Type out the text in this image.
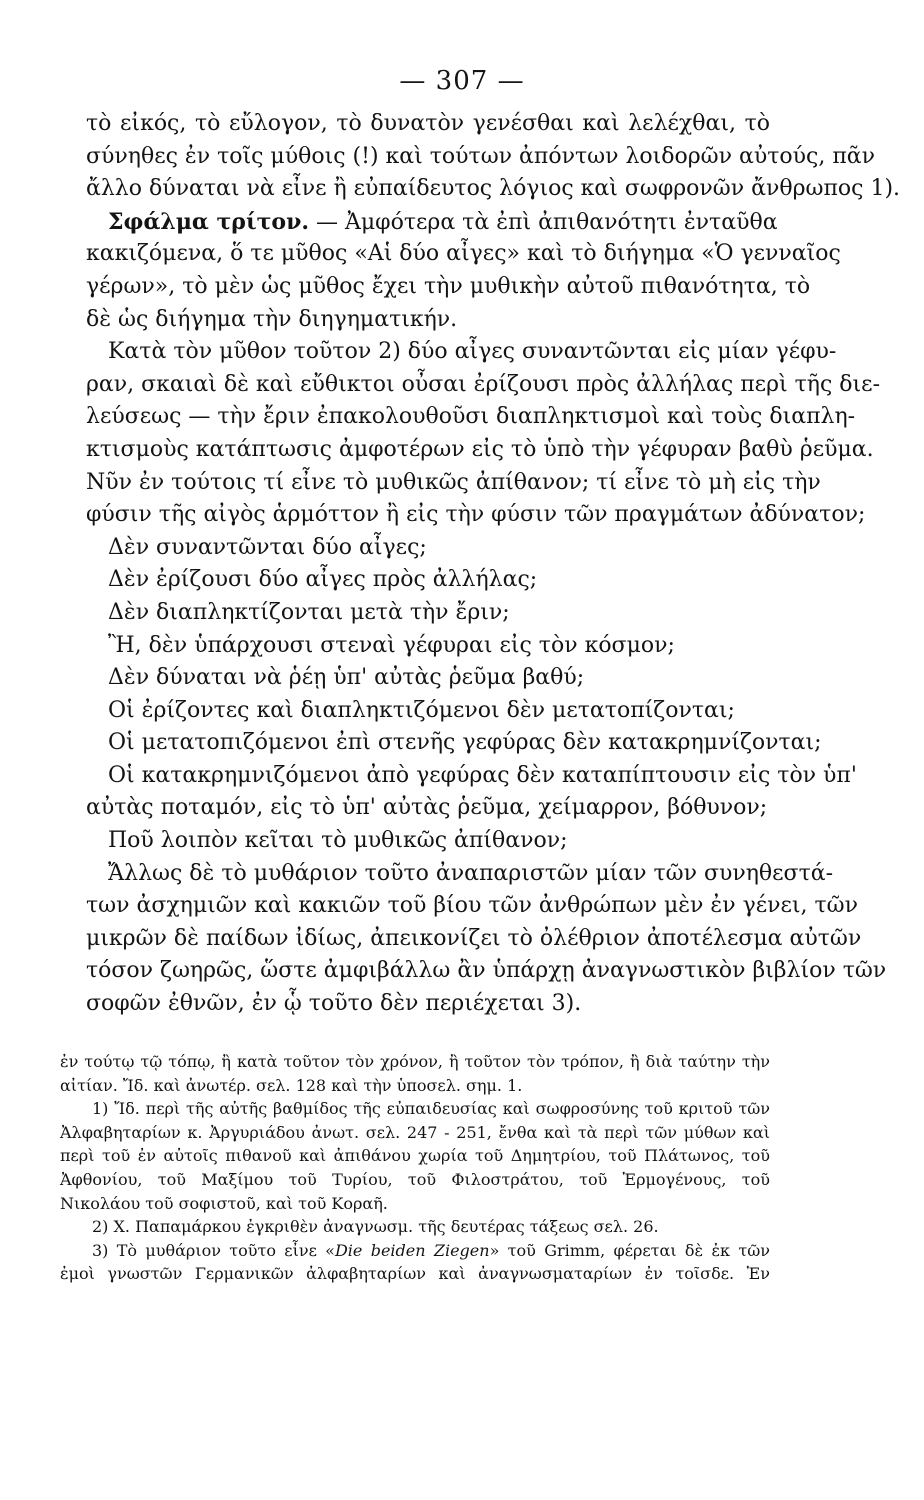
— 307 —
τὸ εἰκός, τὸ εὔλογον, τὸ δυνατὸν γενέσθαι καὶ λελέχθαι, τὸ
σύνηθες ἐν τοῖς μύθοις (!) καὶ τούτων ἀπόντων λοιδορῶν αὐτούς, πᾶν
ἄλλο δύναται νὰ εἶνε ἢ εὐπαίδευτος λόγιος καὶ σωφρονῶν ἄνθρωπος 1).
Σφάλμα τρίτον. — Ἀμφότερα τὰ ἐπὶ ἀπιθανότητι ἐνταῦθα
κακιζόμενα, ὅ τε μῦθος «Αἱ δύο αἶγες» καὶ τὸ διήγημα «Ὁ γενναῖος
γέρων», τὸ μὲν ὡς μῦθος ἔχει τὴν μυθικὴν αὐτοῦ πιθανότητα, τὸ
δὲ ὡς διήγημα τὴν διηγηματικήν.
Κατὰ τὸν μῦθον τοῦτον 2) δύο αἶγες συναντῶνται εἰς μίαν γέφυ-
ραν, σκαιαὶ δὲ καὶ εὔθικτοι οὖσαι ἐρίζουσι πρὸς ἀλλήλας περὶ τῆς διε-
λεύσεως — τὴν ἔριν ἐπακολουθοῦσι διαπληκτισμοὶ καὶ τοὺς διαπλη-
κτισμοὺς κατάπτωσις ἀμφοτέρων εἰς τὸ ὑπὸ τὴν γέφυραν βαθὺ ῥεῦμα.
Νῦν ἐν τούτοις τί εἶνε τὸ μυθικῶς ἀπίθανον; τί εἶνε τὸ μὴ εἰς τὴν
φύσιν τῆς αἰγὸς ἁρμόττον ἢ εἰς τὴν φύσιν τῶν πραγμάτων ἀδύνατον;
Δὲν συναντῶνται δύο αἶγες;
Δὲν ἐρίζουσι δύο αἶγες πρὸς ἀλλήλας;
Δὲν διαπληκτίζονται μετὰ τὴν ἔριν;
Ἢ, δὲν ὑπάρχουσι στεναὶ γέφυραι εἰς τὸν κόσμον;
Δὲν δύναται νὰ ῥέῃ ὑπ' αὐτὰς ῥεῦμα βαθύ;
Οἱ ἐρίζοντες καὶ διαπληκτιζόμενοι δὲν μετατοπίζονται;
Οἱ μετατοπιζόμενοι ἐπὶ στενῆς γεφύρας δὲν κατακρημνίζονται;
Οἱ κατακρημνιζόμενοι ἀπὸ γεφύρας δὲν καταπίπτουσιν εἰς τὸν ὑπ'
αὐτὰς ποταμόν, εἰς τὸ ὑπ' αὐτὰς ῥεῦμα, χείμαρρον, βόθυνον;
Ποῦ λοιπὸν κεῖται τὸ μυθικῶς ἀπίθανον;
Ἄλλως δὲ τὸ μυθάριον τοῦτο ἀναπαριστῶν μίαν τῶν συνηθεστά-
των ἀσχημιῶν καὶ κακιῶν τοῦ βίου τῶν ἀνθρώπων μὲν ἐν γένει, τῶν
μικρῶν δὲ παίδων ἰδίως, ἀπεικονίζει τὸ ὀλέθριον ἀποτέλεσμα αὐτῶν
τόσον ζωηρῶς, ὥστε ἀμφιβάλλω ἂν ὑπάρχῃ ἀναγνωστικὸν βιβλίον τῶν
σοφῶν ἐθνῶν, ἐν ᾧ τοῦτο δὲν περιέχεται 3).
ἐν τούτῳ τῷ τόπῳ, ἢ κατὰ τοῦτον τὸν χρόνον, ἢ τοῦτον τὸν τρόπον, ἢ διὰ ταύτην τὴν
αἰτίαν. Ἴδ. καὶ ἀνωτέρ. σελ. 128 καὶ τὴν ὑποσελ. σημ. 1.
1) Ἴδ. περὶ τῆς αὐτῆς βαθμίδος τῆς εὐπαιδευσίας καὶ σωφροσύνης τοῦ κριτοῦ τῶν
Ἀλφαβηταρίων κ. Ἀργυριάδου ἀνωτ. σελ. 247 - 251, ἔνθα καὶ τὰ περὶ τῶν μύθων καὶ
περὶ τοῦ ἐν αὐτοῖς πιθανοῦ καὶ ἀπιθάνου χωρία τοῦ Δημητρίου, τοῦ Πλάτωνος, τοῦ
Ἀφθονίου, τοῦ Μαξίμου τοῦ Τυρίου, τοῦ Φιλοστράτου, τοῦ Ἑρμογένους, τοῦ
Νικολάου τοῦ σοφιστοῦ, καὶ τοῦ Κοραῆ.
2) Χ. Παπαμάρκου ἐγκριθὲν ἀναγνωσμ. τῆς δευτέρας τάξεως σελ. 26.
3) Τὸ μυθάριον τοῦτο εἶνε «Die beiden Ziegen» τοῦ Grimm, φέρεται δὲ ἐκ τῶν
ἐμοὶ γνωστῶν Γερμανικῶν ἀλφαβηταρίων καὶ ἀναγνωσματαρίων ἐν τοῖσδε. Ἐν
